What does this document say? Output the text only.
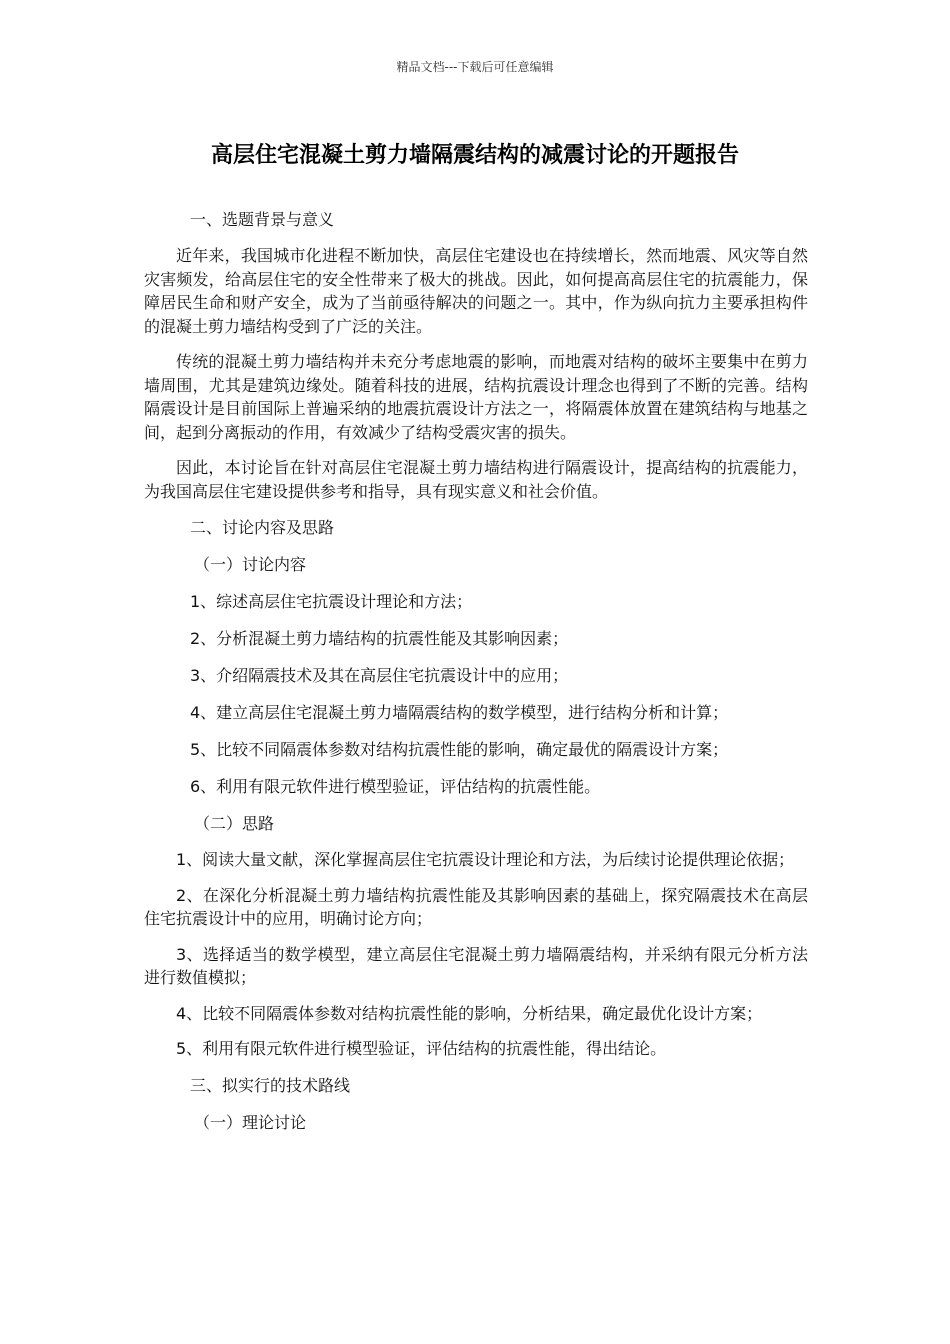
精品文档---下载后可任意编辑
高层住宅混凝土剪力墙隔震结构的减震讨论的开题报告
一、选题背景与意义

近年来，我国城市化进程不断加快，高层住宅建设也在持续增长，然而地震、风灾等自然灾害频发，给高层住宅的安全性带来了极大的挑战。因此，如何提高高层住宅的抗震能力，保障居民生命和财产安全，成为了当前亟待解决的问题之一。其中，作为纵向抗力主要承担构件的混凝土剪力墙结构受到了广泛的关注。

传统的混凝土剪力墙结构并未充分考虑地震的影响，而地震对结构的破坏主要集中在剪力墙周围，尤其是建筑边缘处。随着科技的进展，结构抗震设计理念也得到了不断的完善。结构隔震设计是目前国际上普遍采纳的地震抗震设计方法之一，将隔震体放置在建筑结构与地基之间，起到分离振动的作用，有效减少了结构受震灾害的损失。

因此，本讨论旨在针对高层住宅混凝土剪力墙结构进行隔震设计，提高结构的抗震能力，为我国高层住宅建设提供参考和指导，具有现实意义和社会价值。

二、讨论内容及思路
（一）讨论内容
1、综述高层住宅抗震设计理论和方法；
2、分析混凝土剪力墙结构的抗震性能及其影响因素；
3、介绍隔震技术及其在高层住宅抗震设计中的应用；
4、建立高层住宅混凝土剪力墙隔震结构的数学模型，进行结构分析和计算；
5、比较不同隔震体参数对结构抗震性能的影响，确定最优的隔震设计方案；
6、利用有限元软件进行模型验证，评估结构的抗震性能。
（二）思路

1、阅读大量文献，深化掌握高层住宅抗震设计理论和方法，为后续讨论提供理论依据；

2、在深化分析混凝土剪力墙结构抗震性能及其影响因素的基础上，探究隔震技术在高层住宅抗震设计中的应用，明确讨论方向；

3、选择适当的数学模型，建立高层住宅混凝土剪力墙隔震结构，并采纳有限元分析方法进行数值模拟；

4、比较不同隔震体参数对结构抗震性能的影响，分析结果，确定最优化设计方案；

5、利用有限元软件进行模型验证，评估结构的抗震性能，得出结论。

三、拟实行的技术路线
（一）理论讨论
